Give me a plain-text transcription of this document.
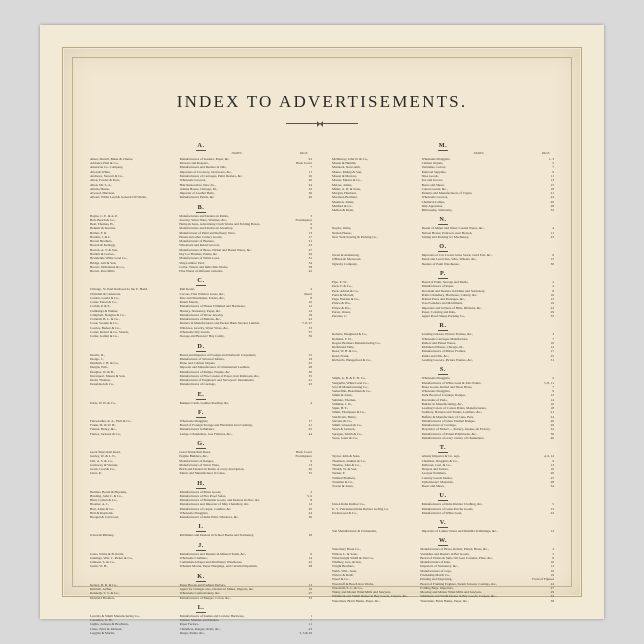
INDEX TO ADVERTISEMENTS.
A.
	NAMES.	PAGE.
Ames, Merrill, Baker & Chafee,	Manufacturers of Seeders, Paper, &c.	91
Adriance Platt & Co.,	Mowers and Reapers,	Back Cover
American Co. Company,	Manufacturers and Dealers in Oils,	7
Allen & White,	Importers of Crockery, Glassware, &c.,	11
Andrews, Stewart & Co.,	Manufacturers of Carriages, Paint Dealers, &c.	16
Allen, Fowler & Row,	Wholesale Grocers,	20
Allen, Mr. S. A.,	Hair Restorative, New Av.,	24
Ahrens House,	Adams House, Chicago, Ill.,	32
Atwood, Harrison,	Importer of Leather Belts,	36
Alleart, White Lead & General Oil Works,	Manufacturers Paints, &c.	40
B.
Bayne, C. E. & A. P.	Manufacturers and Dealers in Paints,	3
Bell, Beach & Co.,	Jewelry, Silver Ware, Watches, &c.,	Frontispiece
Beal, Thomas, H.,	Hemp & Sons, Advertising Cloth Works and Folding Boxes,	6
Bennett & Stevens,	Manufacturers and Dealers in Jewellery,	9
Barber, F. R.	Manufacturer of Paint and Refinery Ware,	13
Bartlett, J. & L.	Hosen and other Cutlery Goods,	17
Brown Brothers,	Manufacturers of Burners,	21
Bowen & Kellogg,	Wholesale and Retail Grocers,	23
Bowen, A. T. & Son,	Manufacturers of Brass, Nickel and Plated Wares, &c.	27
Bartlett & Graves,	Dry Lot Brushes, Paints, &c.	29
Brandeline White Lead Co.,	Manufacturers of White Lead,	31
Bridge, Gill & Son,	Ship Lumber Yard,	34
Brown, McKinnon & Co.,	Collar, Waters and India Silk Works,	38
Brown, Post Mills,	Fine Wares of different varieties,	42
C.
Chicago, St. Paul Railroad do Jno E. Hadd,	Rail Route,	2
Chrisdall & Camerons,	Cocoas, Fine Window Glass, &c.,	Insert
Conlon, Gould & Co.,	Raw and Shoemaker, Foldes, &c.,	8
Carter, Eaton & Co.,	Patent Metals,	10
Corbin, P. & F.,	Manufacturers of House Trimmed and Hardware,	12
Cumbings & Walker,	Hosiery, Stationery, Paper, &c.	14
Campbell, Douglas & Co.,	Manufacturers of Silver Jewelry,	18
Crandall, B. L. & Co.,	Manufacturers of Buttons, &c.,	22
Cook, Swaine & Co.,	Dealers in Manufacturers and Packet Bank Stocker Lumber,	7, 8, 27
Cowles, Barker & Co.,	Windows, Gravity, Water Wave, &c.,	33
Carter, Robert & Co. Streets,	Wholesale Dry Goods,	37
Cutler, Gallatt & Co.,	Storage and Brewers' Bay Candy,	39
D.
Dewitt, D.,	Board and Importer of Foreign and Domestic Carpenters,	15
Dodge, J.,	Manufacturer of Silvered Tablets,	19
Dunham, J. B. & Co.,	Piano and Cabinet Organs,	25
Durgin, Wm.,	Importer and Manufacturer of Ornamented Leathers,	28
Douglas, W. & B.,	Manufacturers of Pumps, Engine, &c.	30
Davenport, Mason & Son,	Manufacturers of Fine Grades of Paper, Iron Railroads, &c.,	35
Dodd, Thomas,	Manufacturer of Engineers' and Surveyors' Instruments,	41
Doneldson & Co.,	Manufacturers of Cordage,	43
E.
Earle, W. H. & Co.,	Bankers Cloth, Leather Roofing, &c,	4
F.
Fairweather, R. A., Hall & Co.,	Wholesale Druggists,	17
Frank, M. & W. H.,	Board of Foreign Storage and Hardwins Iron Castings,	21
Fenton, Henry, &c.,	Manufacturers in Binders,	25
Fairies, Jackson & Co.,	Lamps, Chandeliers, Gas Fixtures, &c.,	44
G.
Great Short Rail Road,	Great Trunk Rail Road,	Back Cover
Gurley, W. & L. E.,	Engine Builders, &c.,	Frontispiece
Gill, A. S. & Co.,	Manufacturers of Ranges,	9
Galloway & Weston,	Manufacturers of Silver Ware,	13
Grant, Coal & Co.,	Brick and Dealers in Paints of every description,	26
Gries, P.,	Tannic and Manufacturer in Glass,	35
H.
Holmes, Booth & Haydens,	Manufacturers of Brass Goods,	2
Harding, John C. & Co.,	Manufacturers of Fire Proof Safes,	5, 6
Hunt, Lyman & Co.,	Manufacturers of Britannia Goods, and Dealers in Zinc, &c.	8
Hosmer, A. J.,	Manufacturers and Importer of Ship Chandlery, &c.	12
Hart, Allen & Co.,	Manufacturers of Carpet, Candles, &c.	20
Hall & Raynolds,	Wholesale Druggists,	24
Hoogen & Cartwood,	Manufacturers of India Print, Windows, &c.	30
I.
Ivison & Phinney,	Publishers and Dealers in School Books and Stationery,	18
J.
Jones, White & B. Parris,	Manufacturers and Dealers in Mineral Teeth, &c.,	6
Jennings, Wm. C. Picker & Co.,	Wholesale Clothiers,	14
Johnson, S. & Co.,	Commission Paper and Machinery Warehouse,	22
Justin, W. H.,	Whalens Mortar, Paper Hangings, and Curtain Emporium,	28
K.
Kelsey, D. R. & Co.,	Paper Hoods and Fashion Furbers,	13
Kimball, Arthur,	Agent for Oranges also, Dealers in Mines, Imports, &c.	19
Kennedy, S. S. & Co.,	Wholesale Confectionery, &c.	27
Kirkland Brothers,	Manufacturers of Bunges, Colon, &c.,	33
L.
Leavitts & Smith Manufacturing Co.,	Manufacturers of Sashes and Cornice Hardware,	1
Lawrence, G. H.,	Unions, Mantles and Dealers,	7
Lights, Jackson & Bradburn,	Paper Factors,	11
Lines, Tyler & Johnson,	Chandlers, Ranges, Rolls, &c.,	23
Leggins & Martin,	Drugs, Paints, &c.,	3, 5 & 29
M.
	NAMES.	PAGE.
McMurray, John D. & Co.,	Wholesale Druggists,	1, 3
Mason & Hamlin,	Cabinet Organs,	5
Murdock, Newcomb,	Varnishes, Colors,	7
Mauro, Riding & Son,	Railroad Supplies,	9
Mason & Morrow,	Shoe Goods,	11
Mason, Mason & Co.,	Tea and Grocer,	13
Mercer, James,	Boots and Shoes,	15
Miller, A. D. & Sons,	Cotton Goods, &c.,	18
Morgan, Harrison,	Patterns and Manufacturers of Cigars,	21
Morrison Brothers,	Wholesale Grocers,	24
Moulton, James,	Chemical Lamps,	26
Mulford & Co.,	Ship Apparatus,	28
Mellon & Dean,	Philosophy, Stationery,	32
N.
Naylor, Orme,	Dealer of Mines and Water Cooled Wares, &c.,	4
Nelson House,	Nelson House, Poltroon, near Boston,	11
New York Sawing & Packing Co.,	Salting and Packing for Machinery,	23
O.
Owen & Armstrong,	Importers of Cut Crown Glass Stock, Gold Foil, &c.,	6
O'Brien & Sherwood,	Metal and Lead Ores, Wire, Wheels, &c.,	15
Oglesby Company,	Dealers of Paint Warehouse,	30
P.
Pipe, E. W.,	Board of Paint, Storage and Shells,	2
Peck, F. & Co.,	Manufacturers of Paper,	4
Peck, Adrian & Co.,	Porcelain and Dealers in Drinks and Stationery,	8
Pond & Morrell,	Prime Chandlery, Hardware, Cutlery, &c.,	10
Page, Holden & Co.,	Printed Press and Packages, &c.,	12
Prince & Pro.,	Tree Founders and Machinists,	19
Prince & Pro.,	Importers and Jobbers of Hilis, Ribbons, &c,	22
Porter, Orson,	Paper, Coloring and Inks,	29
Parsons, C.	Agent Proof-Sheep Packing Co.,	35
R.
Roberts, Haughead & Co.,	Leading Glasses, Picture Frames, &c.,	3
Robbins, F. W.,	Wholesale Carriages Manufacture,	7
Rogers Brothers Manufacturing Co.,	Rollers and Plated Wares,	10
Richmond Time,	Richmond House, Chicago, Ill.,	14
Reed, W. B. & Co.,	Manufacturers of Mirror Frames,	17
Reed, Frank,	Paints and Oils, &c.,	25
Richard's, Hungerford & Co.,	Leading Grocers, Picture Frames, &c.,	31
S.
Smith, A. B. & E. H. Co.,	Wholesale Druggists,	2
Sangerlin, White Lead Co.,	Manufacturers of White Lead & Zinc Paints,	5, 8, 11
Scovill Manufacturing Co.,	Brass Goods, Rolled and Sheet Brass,	7
Somerfille, Boardman & Co.,	Wholesale Druggists,	9
Smith & Jones,	Paint Board of Carriage, Ranges,	12
Saltman, Thomas,	Porcelains of Paris,	14
Stillman, J. D.,	Builder in Manufacturing, &c.,	16
Sipin, H. T.,	Leading Colors of Cotton Prints, Manufacturers,	18
Smith, Thompson & Co.,	Saddlery, Harness and Trunks, Leathers, &c.,	21
Sturdivant, Henry,	Buffalo & Manufacturer of Cane, Bats,	24
Stevens & Co.,	Manufacturers of Glass Enamel Ranges,	26
Smith, Glasson & Co.,	Manufacturer of Cordage,	29
Sloan & Jackson,	Proprietor of Nickel — Pottery, Avenue, & Factory,	32
Sprague, Smith & Co.,	Manufacturers of Patent Printblocks, &c.,	36
Sears, Jones & Co.,	Manufacturers of every variety of Chandeliers,	40
T.
Taylor, John & Sons,	Albany Importer & Co. Agt.,	4, 6, 12
Thomson, Jenkins & Co.,	Chemists, Druggists & Co.,	9
Thomas, John & Co.,	Railroad, Coal, & Co.,	13
Thrush, W. & Son,	Drapers and Tailors,	16
Tucker, F.	Lacquer Polishers,	20
Tribbett Brothers,	Country Goods Dealer,	25
Trueman & Co.,	Upholsterers' Materials,	28
Towne & Jones,	Boots and Shoes,	34
U.
Union India Rubber Co.,	Manufacturers of India Rubber Clothing, &c.,	5
U. S. Vulcanized India Rubber Gofing Co.	Manufacturers of Gutta Percha Goods,	13
Underwood & Co.,	Manufacturers of White Lead,	22
V.
Van Shandfacturer & Cruttenden,	Importers of Ladies' Dress and Mantilla Trimmings, &c.,	12
W.
Waterbury Brass Co.,	Manufacturers of Brass, Rolled, Plated, Brass, &c.,	2
Wilson, L. & Sons,	Varnishes and Dealers in Bar Goods,	5
Wheelwright Smith & Van Co.,	Board of Works & Skin, Oil Gear Curtains, Plate, &c.,	8
Whitney, Geo. & Son,	Manufacturers of Inks,	10
Wright Brothers,	Importers of Stationery, &c.,	13
Webb, Wm., Sons,	Manufacturers of Caps,	16
Wilcox & Robb,	Friendship Match Co.,	19
Wood & Co.,	Printing and Engraving,	Front of Figures
Woodruff & Beach Iron Works,	Board of Framing Engines, Steam Saloons Castings, &c.,	24
Woodruff, E. C. & Co.,	Folding Bags, Importers,	27
Wainy and Motter Wind Mills and Sawyers,	Mowing and Motter Wind Mills and Sawyers,	29
Whitmark and Smith Dealer in Bay Goods, Carpets, &c.,	Whitmark and Smith Dealer in Bay Goods, Carpets, &c.,	33
Waterman, Brick Banks, Paper, &c.,	Waterman, Brick Banks, Paper, &c.,	38
